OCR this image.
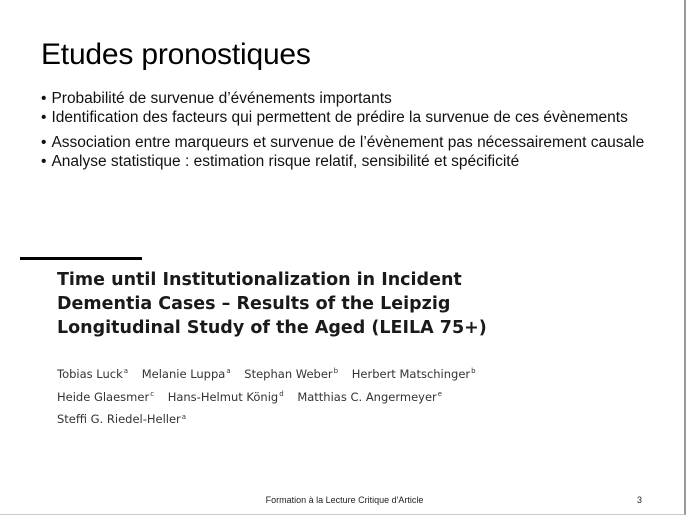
Etudes pronostiques
• Probabilité de survenue d’événements importants
• Identification des facteurs qui permettent de prédire la survenue de ces évènements
• Association entre marqueurs et survenue de l’évènement pas nécessairement causale
• Analyse statistique : estimation risque relatif, sensibilité et spécificité
Time until Institutionalization in Incident
Dementia Cases – Results of the Leipzig
Longitudinal Study of the Aged (LEILA 75+)
Tobias Luck$^a$ Melanie Luppa$^a$ Stephan Weber$^b$ Herbert Matschinger$^b$
Heide Glaesmer$^c$ Hans-Helmut König$^d$ Matthias C. Angermeyer$^e$
Steffi G. Riedel-Heller$^a$
Formation à la Lecture Critique d'Article	3
